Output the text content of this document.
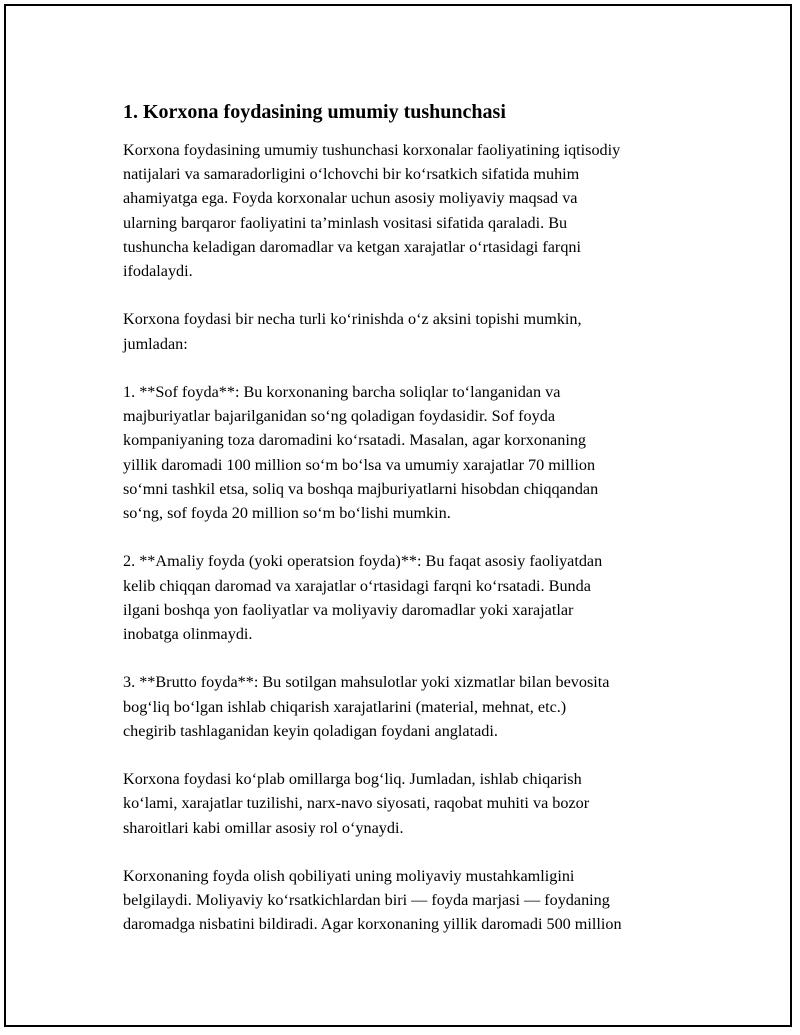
1. Korxona foydasining umumiy tushunchasi

Korxona foydasining umumiy tushunchasi korxonalar faoliyatining iqtisodiy
natijalari va samaradorligini o‘lchovchi bir ko‘rsatkich sifatida muhim
ahamiyatga ega. Foyda korxonalar uchun asosiy moliyaviy maqsad va
ularning barqaror faoliyatini ta’minlash vositasi sifatida qaraladi. Bu
tushuncha keladigan daromadlar va ketgan xarajatlar o‘rtasidagi farqni
ifodalaydi.

Korxona foydasi bir necha turli ko‘rinishda o‘z aksini topishi mumkin,
jumladan:

1. **Sof foyda**: Bu korxonaning barcha soliqlar to‘langanidan va
majburiyatlar bajarilganidan so‘ng qoladigan foydasidir. Sof foyda
kompaniyaning toza daromadini ko‘rsatadi. Masalan, agar korxonaning
yillik daromadi 100 million so‘m bo‘lsa va umumiy xarajatlar 70 million
so‘mni tashkil etsa, soliq va boshqa majburiyatlarni hisobdan chiqqandan
so‘ng, sof foyda 20 million so‘m bo‘lishi mumkin.

2. **Amaliy foyda (yoki operatsion foyda)**: Bu faqat asosiy faoliyatdan
kelib chiqqan daromad va xarajatlar o‘rtasidagi farqni ko‘rsatadi. Bunda
ilgani boshqa yon faoliyatlar va moliyaviy daromadlar yoki xarajatlar
inobatga olinmaydi.

3. **Brutto foyda**: Bu sotilgan mahsulotlar yoki xizmatlar bilan bevosita
bog‘liq bo‘lgan ishlab chiqarish xarajatlarini (material, mehnat, etc.)
chegirib tashlaganidan keyin qoladigan foydani anglatadi.

Korxona foydasi ko‘plab omillarga bog‘liq. Jumladan, ishlab chiqarish
ko‘lami, xarajatlar tuzilishi, narx-navo siyosati, raqobat muhiti va bozor
sharoitlari kabi omillar asosiy rol o‘ynaydi.

Korxonaning foyda olish qobiliyati uning moliyaviy mustahkamligini
belgilaydi. Moliyaviy ko‘rsatkichlardan biri — foyda marjasi — foydaning
daromadga nisbatini bildiradi. Agar korxonaning yillik daromadi 500 million
